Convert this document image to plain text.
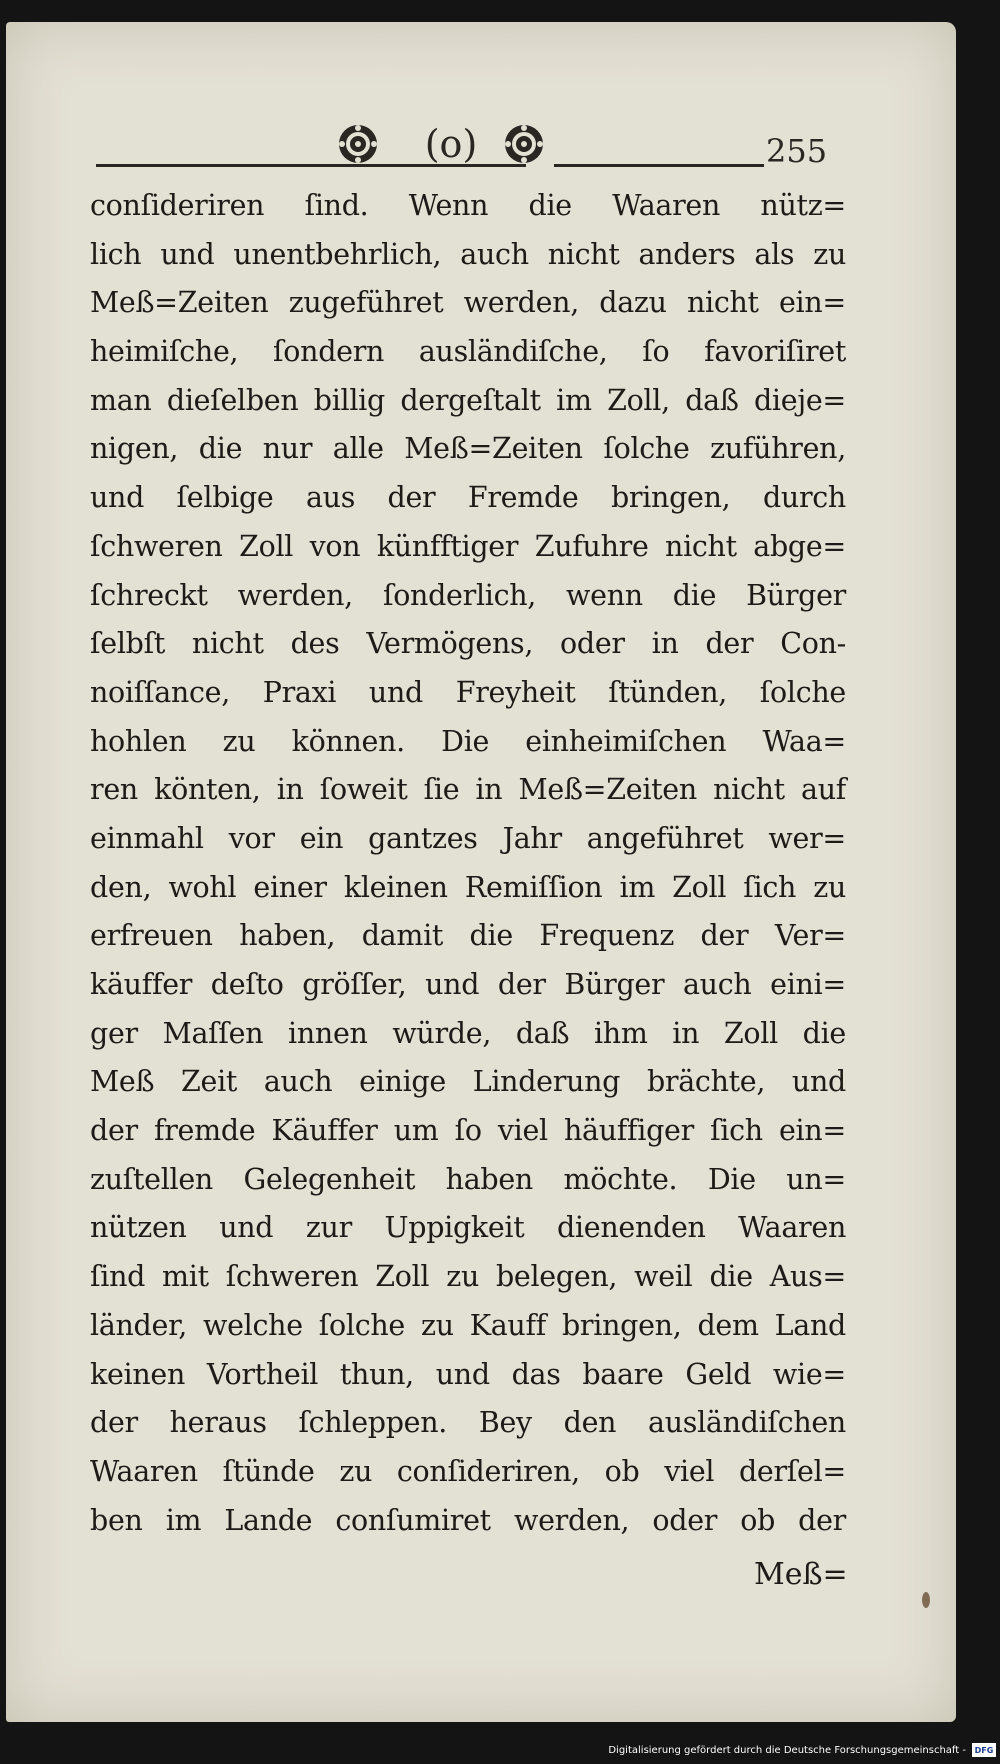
(o)	255
conſideriren ſind. Wenn die Waaren nütz=
lich und unentbehrlich, auch nicht anders als zu
Meß=Zeiten zugeführet werden, dazu nicht ein=
heimiſche, ſondern ausländiſche, ſo favoriſiret
man dieſelben billig dergeſtalt im Zoll, daß dieje=
nigen, die nur alle Meß=Zeiten ſolche zuführen,
und ſelbige aus der Fremde bringen, durch
ſchweren Zoll von künfftiger Zufuhre nicht abge=
ſchreckt werden, ſonderlich, wenn die Bürger
ſelbſt nicht des Vermögens, oder in der Con-
noiſſance, Praxi und Freyheit ſtünden, ſolche
hohlen zu können. Die einheimiſchen Waa=
ren könten, in ſoweit ſie in Meß=Zeiten nicht auf
einmahl vor ein gantzes Jahr angeführet wer=
den, wohl einer kleinen Remiſſion im Zoll ſich zu
erfreuen haben, damit die Frequenz der Ver=
käuffer deſto gröſſer, und der Bürger auch eini=
ger Maſſen innen würde, daß ihm in Zoll die
Meß Zeit auch einige Linderung brächte, und
der fremde Käuffer um ſo viel häuffiger ſich ein=
zuſtellen Gelegenheit haben möchte. Die un=
nützen und zur Uppigkeit dienenden Waaren
ſind mit ſchweren Zoll zu belegen, weil die Aus=
länder, welche ſolche zu Kauff bringen, dem Land
keinen Vortheil thun, und das baare Geld wie=
der heraus ſchleppen. Bey den ausländiſchen
Waaren ſtünde zu conſideriren, ob viel derſel=
ben im Lande conſumiret werden, oder ob der
Meß=
Digitalisierung gefördert durch die Deutsche Forschungsgemeinschaft -	DFG
